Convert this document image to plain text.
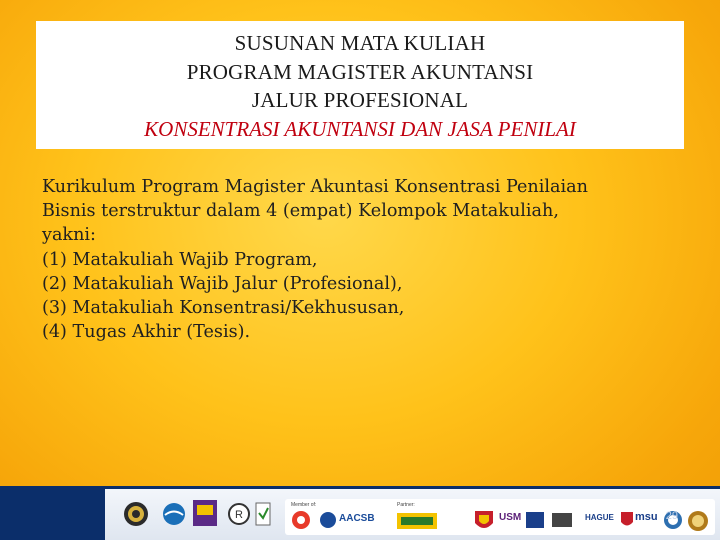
SUSUNAN MATA KULIAH
PROGRAM MAGISTER AKUNTANSI
JALUR PROFESIONAL
KONSENTRASI AKUNTANSI DAN JASA PENILAI
Kurikulum Program Magister Akuntasi Konsentrasi Penilaian
Bisnis terstruktur dalam 4 (empat) Kelompok Matakuliah,
yakni:
(1) Matakuliah Wajib Program,
(2) Matakuliah Wajib Jalur (Profesional),
(3) Matakuliah Konsentrasi/Kekhususan,
(4) Tugas Akhir (Tesis).
R
Member of:
AACSB
Partner:
USM	HAGUE msu 29
